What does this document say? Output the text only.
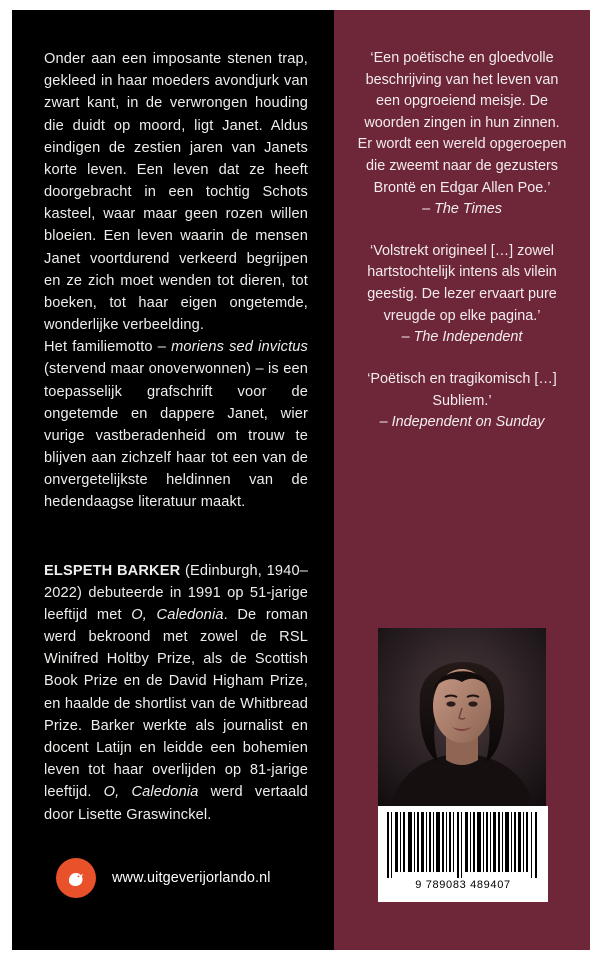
Onder aan een imposante stenen trap, gekleed in haar moeders avondjurk van zwart kant, in de verwrongen houding die duidt op moord, ligt Janet. Aldus eindigen de zestien jaren van Janets korte leven. Een leven dat ze heeft doorgebracht in een tochtig Schots kasteel, waar maar geen rozen willen bloeien. Een leven waarin de mensen Janet voortdurend verkeerd begrijpen en ze zich moet wenden tot dieren, tot boeken, tot haar eigen ongetemde, wonderlijke verbeelding.

Het familiemotto – moriens sed invictus (stervend maar onoverwonnen) – is een toepasselijk grafschrift voor de ongetemde en dappere Janet, wier vurige vastberadenheid om trouw te blijven aan zichzelf haar tot een van de onvergetelijkste heldinnen van de hedendaagse literatuur maakt.

ELSPETH BARKER (Edinburgh, 1940–2022) debuteerde in 1991 op 51-jarige leeftijd met O, Caledonia. De roman werd bekroond met zowel de RSL Winifred Holtby Prize, als de Scottish Book Prize en de David Higham Prize, en haalde de shortlist van de Whitbread Prize. Barker werkte als journalist en docent Latijn en leidde een bohemien leven tot haar overlijden op 81-jarige leeftijd. O, Caledonia werd vertaald door Lisette Graswinckel.
www.uitgeverijorlando.nl
‘Een poëtische en gloedvolle beschrijving van het leven van een opgroeiend meisje. De woorden zingen in hun zinnen. Er wordt een wereld opgeroepen die zweemt naar de gezusters Brontë en Edgar Allen Poe.’
– The Times
‘Volstrekt origineel […] zowel hartstochtelijk intens als vilein geestig. De lezer ervaart pure vreugde op elke pagina.’
– The Independent
‘Poëtisch en tragikomisch […] Subliem.’
– Independent on Sunday
9 789083 489407
